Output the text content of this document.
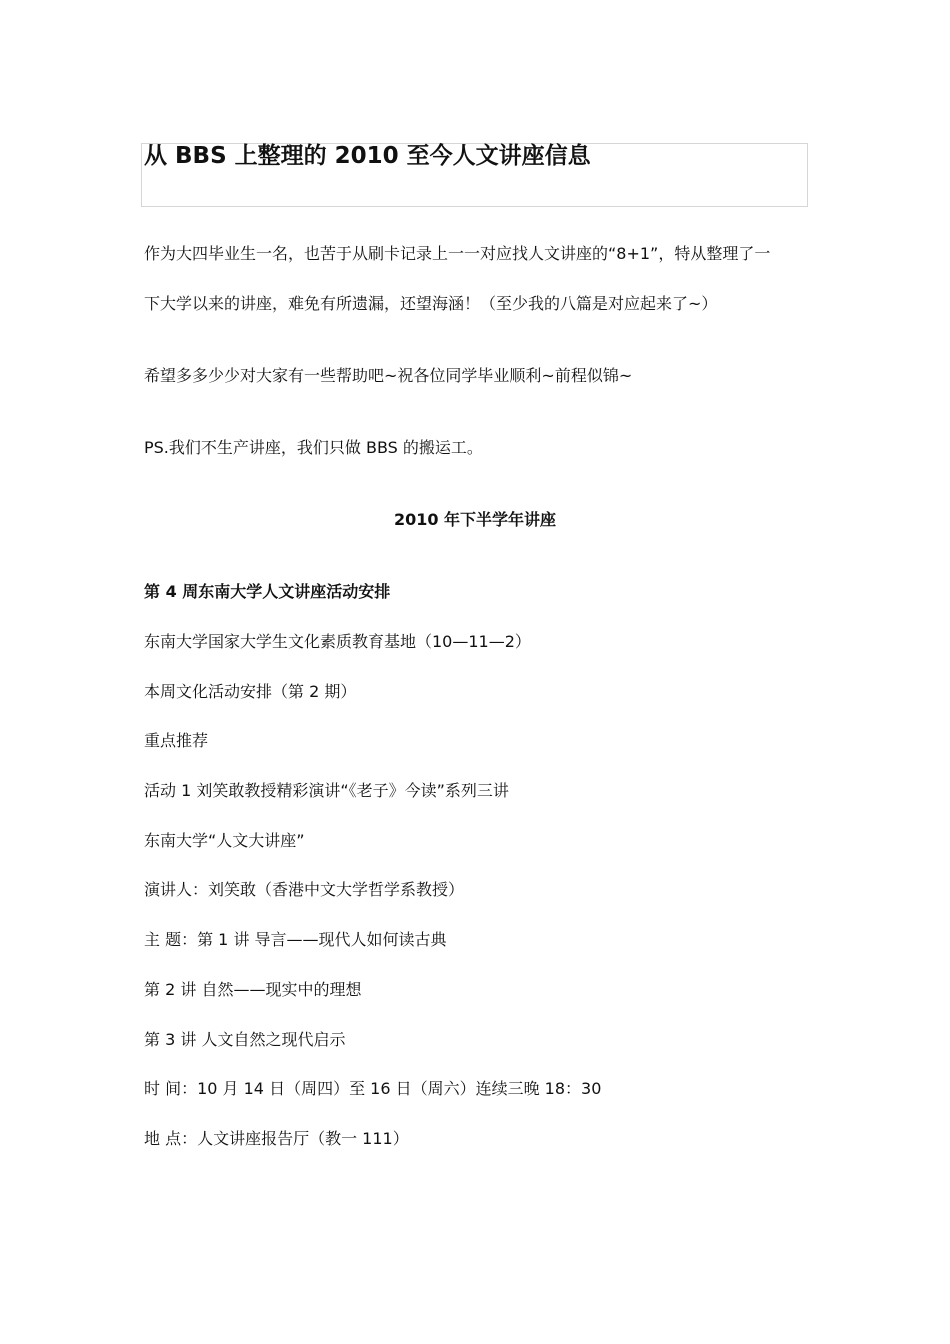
从 BBS 上整理的 2010 至今人文讲座信息
作为大四毕业生一名，也苦于从刷卡记录上一一对应找人文讲座的“8+1”，特从整理了一
下大学以来的讲座，难免有所遗漏，还望海涵！（至少我的八篇是对应起来了~）
希望多多少少对大家有一些帮助吧~祝各位同学毕业顺利~前程似锦~
PS.我们不生产讲座，我们只做 BBS 的搬运工。
2010 年下半学年讲座
第 4 周东南大学人文讲座活动安排
东南大学国家大学生文化素质教育基地（10—11—2）
本周文化活动安排（第 2 期）
重点推荐
活动 1 刘笑敢教授精彩演讲“《老子》今读”系列三讲
东南大学“人文大讲座”
演讲人：刘笑敢（香港中文大学哲学系教授）
主 题：第 1 讲 导言——现代人如何读古典
第 2 讲 自然——现实中的理想
第 3 讲 人文自然之现代启示
时 间：10 月 14 日（周四）至 16 日（周六）连续三晚 18：30
地 点：人文讲座报告厅（教一 111）
